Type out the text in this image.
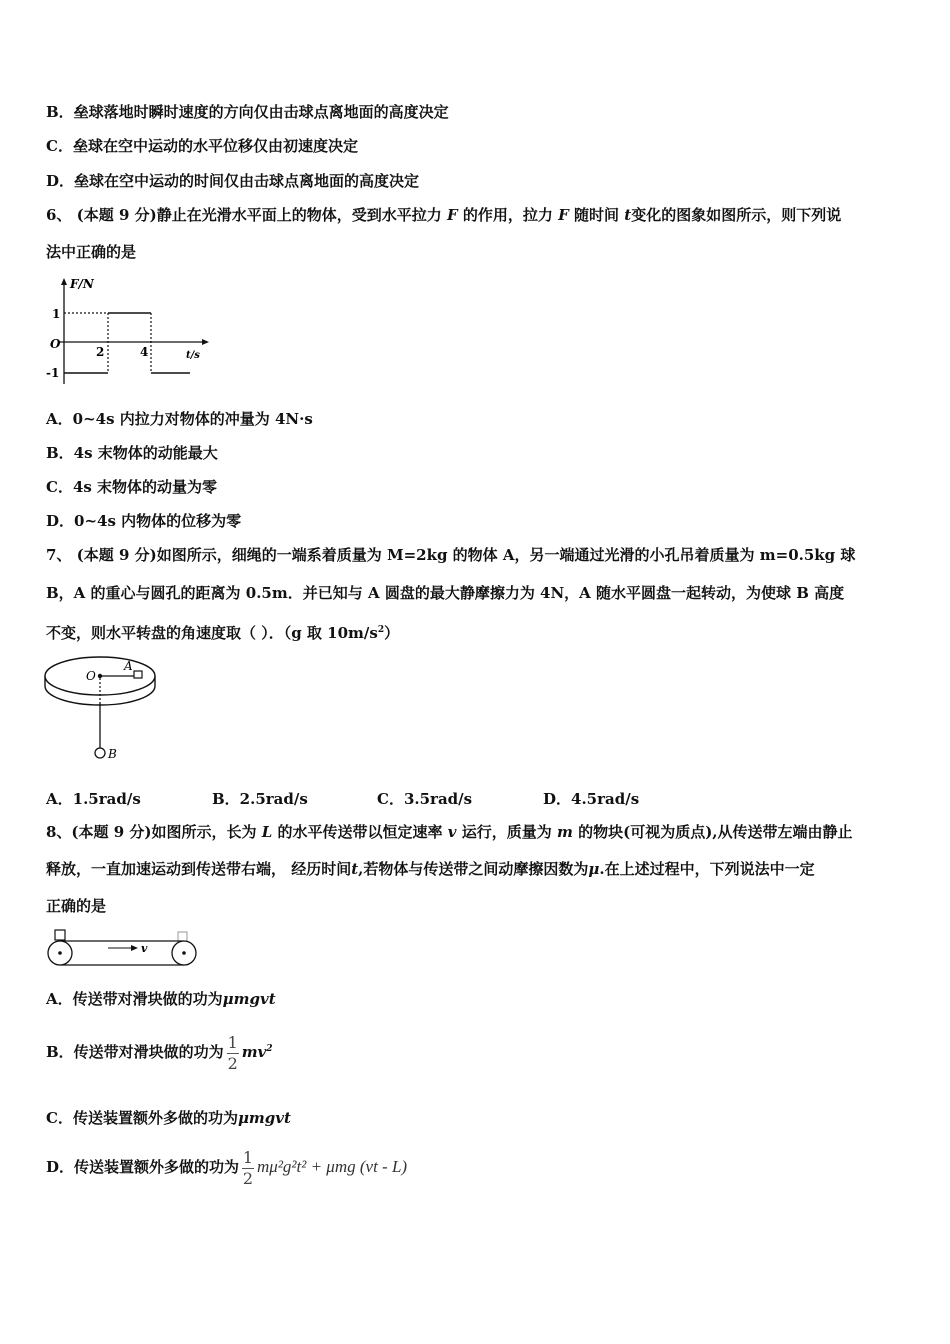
B．垒球落地时瞬时速度的方向仅由击球点离地面的高度决定
C．垒球在空中运动的水平位移仅由初速度决定
D．垒球在空中运动的时间仅由击球点离地面的高度决定
6、 (本题 9 分)静止在光滑水平面上的物体，受到水平拉力 F 的作用，拉力 F 随时间 t变化的图象如图所示，则下列说
法中正确的是
F/N
1
O
-1
2	4	t/s
A．0~4s 内拉力对物体的冲量为 4N·s
B．4s 末物体的动能最大
C．4s 末物体的动量为零
D．0~4s 内物体的位移为零
7、 (本题 9 分)如图所示，细绳的一端系着质量为 M=2kg 的物体 A，另一端通过光滑的小孔吊着质量为 m=0.5kg 球
B，A 的重心与圆孔的距离为 0.5m．并已知与 A 圆盘的最大静摩擦力为 4N，A 随水平圆盘一起转动，为使球 B 高度
不变，则水平转盘的角速度取（ ）．（g 取 $10m/s^2$）
O
A
B
A．1.5rad/s	B．2.5rad/s	C．3.5rad/s	D．4.5rad/s
8、(本题 9 分)如图所示，长为 L 的水平传送带以恒定速率 v 运行，质量为 m 的物块(可视为质点),从传送带左端由静止
释放，一直加速运动到传送带右端， 经历时间t,若物体与传送带之间动摩擦因数为μ.在上述过程中，下列说法中一定
正确的是
v
A．传送带对滑块做的功为μmgvt
B．传送带对滑块做的功为 $\frac{1}{2} mv^2$
C．传送装置额外多做的功为μmgvt
D．传送装置额外多做的功为 $\frac{1}{2} m\mu^2g^2t^2 + \mu mg$ (vt - L)
